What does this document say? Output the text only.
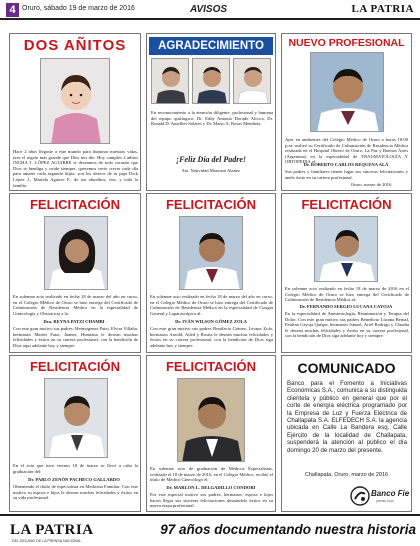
4 Oruro, sábado 19 de marzo de 2016	AVISOS	LA PATRIA
DOS AÑITOS
Hace 2 años llegaste a este mundo para iluminar nuestras vidas, eres el regalo más grande que Dios nos dio. Hoy cumples 2 añitos INGHA T. LÓPEZ AGUIRRE te deseamos de todo corazón que Dios te bendiga y cuide siempre, queremos verte crecer cada día para amarte cada segundo hijita, son los deseos de tu papi Dick López J., Mariela Aguirre F., de tus abuelitos, tíos, y toda la familia.
AGRADECIMIENTO
En reconocimiento a la atención diligente, profesional y humana del equipo quirúrgico: Dr. Eddy Antonio Dorado Alcoca, Dr. Ronald D. Amellier Solares y Dr. Mario A. Rosas Mendieta.
¡Feliz Día del Padre!
Sra. Natividad Moncani Alanez
NUEVO PROFESIONAL
Ayer en ambientes del Colegio Médico de Oruro a horas 18:00 p.m. realizó su Certificado de Culminación de Residencia Médica realizada en el Hospital Obrero de Oruro, La Paz y Buenos Aires (Argentina) en la especialidad de TRAUMATOLOGÍA Y ORTOPEDIA el:
Dr. ROBERTO CARLOS REQUENA ALÁ
Sus padres y familiares tienen lugar sus sinceras felicitaciones y anelo éxito en su carrera profesional.
Oruro, marzo de 2016
FELICITACIÓN
En solemne acto realizado en fecha 18 de marzo del año en curso, en el Colegio Médico de Oruro se hizo entrega del Certificado de Culminación de Residencia Médica en la especialidad de Ginecología y Obstetricia a la:
Dra. REYNA PATZI CHAMBI
Con este gran motivo sus padres: Hermogenes Patzi, Elvira Villalta, hermanos Martín Patzi, Juanes, Humiana le desean muchas felicidades y éxitos en su carrera profesional, con la bendición de Dios aqui adelante hoy y siempre.
FELICITACIÓN
En solemne acto realizado en fecha 18 de marzo del año en curso, en el Colegio Médico de Oruro se hizo entrega del Certificado de Culminación de Residencia Médica en la especialidad de Cirugía General y Laparoscópica al:
Dr. IVÁN WILSON GÓMEZ ZOLA
Con este gran motivo sus padres Bonifacio Gómez, Leonor Zola, hermanos Arnold, Ailed y Rosita le desean muchas felicidades y éxitos en su carrera profesional, con la bendición de Dios siga adelante hoy y siempre.
FELICITACIÓN
En solemne acto realizado en fecha 18 de marzo de 2016 en el Colegio Médico de Oruro se hizo entrega del Certificado de Culminación de Residencia Médica al:
Dr. FERNANDO SERGIO LUCANA CAYOJA
En la especialidad de Anestesiología, Reanimación y Terapia del Dolor. Con este gran motivo sus padres Benedicto Lucana Bernal, Paulina Cayoja Quispe, hermanos Ismael, Ariel Rodrigo y Claudia le desean muchas felicidades y éxitos en su carrera profesional, con la bendición de Dios siga adelante hoy y siempre.
FELICITACIÓN
En el acto que tuvo viernes 18 de marzo se llevó a cabo la graduación del:
Dr. PABLO ZENÓN PACHECO GALLARDO
Obteniendo el título de especialista en Medicina Familiar. Con este motivo su esposa e hijos le desean muchas felicidades y éxitos en su vida profesional.
FELICITACIÓN
En solemne acto de graduación de Médicos Especialistas, realizado el 18 de marzo de 2016, en el Colegio Médico, recibió el título de Médico Ginecólogo el:
Dr. MARLON L. DELGADILLO CONDORI
Por este especial motivo sus padres, hermanos, esposa e hijos hacen llegar sus sinceras felicitaciones deseándole éxitos en su nueva etapa profesional.
COMUNICADO
Banco para el Fomento a Iniciativas Económicas S.A., comunica a su distinguida clientela y público en general que por el corte de energía eléctrica programado por la Empresa de Luz y Fuerza Eléctrica de Challapata S.A. ELFEDECH S.A. la agencia ubicada en Calle La Bandera esq. Calle Ejército de la localidad de Challapata, suspenderá la atención al público el día domingo 20 de marzo del presente.
Challapata, Oruro, marzo de 2016
Banco Fie
pienso tuyo
LA PATRIA
DEL DECANO DE LA PRENSA NACIONAL
97 años documentando nuestra historia
